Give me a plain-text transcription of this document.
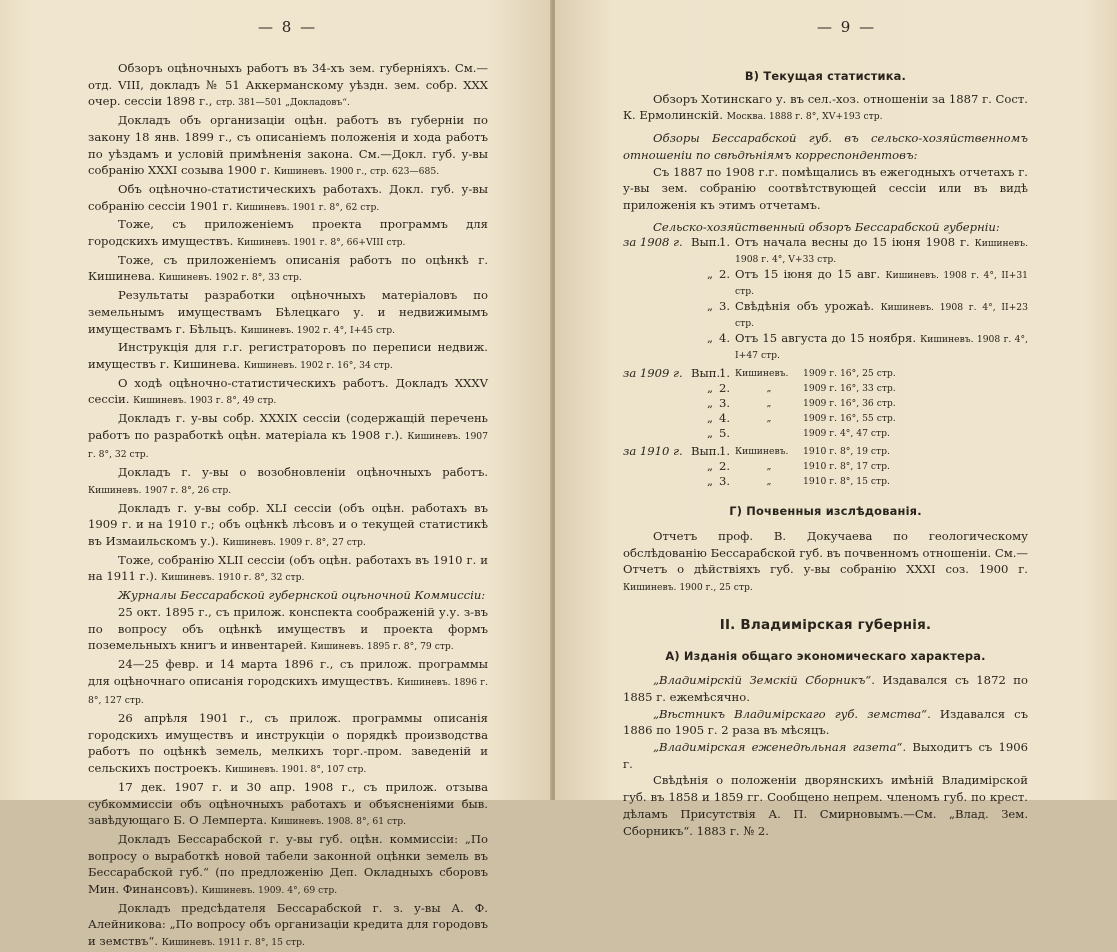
— 8 —

Обзоръ оцѣночныхъ работъ въ 34-хъ зем. губерніяхъ. См.—отд. VIII, докладъ № 51 Аккерманскому уѣздн. зем. собр. XXX очер. сессіи 1898 г., стр. 381—501 „Докладовъ“.

Докладъ объ организаціи оцѣн. работъ въ губерніи по закону 18 янв. 1899 г., съ описаніемъ положенія и хода работъ по уѣздамъ и условій примѣненія закона. См.—Докл. губ. у-вы собранію XXXI созыва 1900 г. Кишиневъ. 1900 г., стр. 623—685.

Объ оцѣночно-статистическихъ работахъ. Докл. губ. у-вы собранію сессіи 1901 г. Кишиневъ. 1901 г. 8°, 62 стр.

Тоже, съ приложеніемъ проекта программъ для городскихъ имуществъ. Кишиневъ. 1901 г. 8°, 66+VIII стр.

Тоже, съ приложеніемъ описанія работъ по оцѣнкѣ г. Кишинева. Кишиневъ. 1902 г. 8°, 33 стр.

Результаты разработки оцѣночныхъ матеріаловъ по земельнымъ имуществамъ Бѣлецкаго у. и недвижимымъ имуществамъ г. Бѣльцъ. Кишиневъ. 1902 г. 4°, I+45 стр.

Инструкція для г.г. регистраторовъ по переписи недвиж. имуществъ г. Кишинева. Кишиневъ. 1902 г. 16°, 34 стр.

О ходѣ оцѣночно-статистическихъ работъ. Докладъ XXXV сессіи. Кишиневъ. 1903 г. 8°, 49 стр.

Докладъ г. у-вы собр. XXXIX сессіи (содержащій перечень работъ по разработкѣ оцѣн. матеріала къ 1908 г.). Кишиневъ. 1907 г. 8°, 32 стр.

Докладъ г. у-вы о возобновленіи оцѣночныхъ работъ. Кишиневъ. 1907 г. 8°, 26 стр.

Докладъ г. у-вы собр. XLI сессіи (объ оцѣн. работахъ въ 1909 г. и на 1910 г.; объ оцѣнкѣ лѣсовъ и о текущей статистикѣ въ Измаильскомъ у.). Кишиневъ. 1909 г. 8°, 27 стр.

Тоже, собранію XLII сессіи (объ оцѣн. работахъ въ 1910 г. и на 1911 г.). Кишиневъ. 1910 г. 8°, 32 стр.

Журналы Бессарабской губернской оцѣночной Коммиссіи:

25 окт. 1895 г., съ прилож. конспекта соображеній у.у. з-въ по вопросу объ оцѣнкѣ имуществъ и проекта формъ поземельныхъ книгъ и инвентарей. Кишиневъ. 1895 г. 8°, 79 стр.

24—25 февр. и 14 марта 1896 г., съ прилож. программы для оцѣночнаго описанія городскихъ имуществъ. Кишиневъ. 1896 г. 8°, 127 стр.

26 апрѣля 1901 г., съ прилож. программы описанія городскихъ имуществъ и инструкціи о порядкѣ производства работъ по оцѣнкѣ земель, мелкихъ торг.-пром. заведеній и сельскихъ построекъ. Кишиневъ. 1901. 8°, 107 стр.

17 дек. 1907 г. и 30 апр. 1908 г., съ прилож. отзыва субкоммиссіи объ оцѣночныхъ работахъ и объясненіями быв. завѣдующаго Б. О Лемперта. Кишиневъ. 1908. 8°, 61 стр.

Докладъ Бессарабской г. у-вы губ. оцѣн. коммиссіи: „По вопросу о выработкѣ новой табели законной оцѣнки земель въ Бессарабской губ.“ (по предложенію Деп. Окладныхъ сборовъ Мин. Финансовъ). Кишиневъ. 1909. 4°, 69 стр.

Докладъ предсѣдателя Бессарабской г. з. у-вы А. Ф. Алейникова: „По вопросу объ организаціи кредита для городовъ и земствъ“. Кишиневъ. 1911 г. 8°, 15 стр.

— 9 —
В) Текущая статистика.

Обзоръ Хотинскаго у. въ сел.-хоз. отношеніи за 1887 г. Сост. К. Ермолинскій. Москва. 1888 г. 8°, XV+193 стр.

Обзоры Бессарабской губ. въ сельско-хозяйственномъ отношеніи по свѣдѣніямъ корреспондентовъ:

Съ 1887 по 1908 г.г. помѣщались въ ежегодныхъ отчетахъ г. у-вы зем. собранію соотвѣтствующей сессіи или въ видѣ приложенія къ этимъ отчетамъ.

Сельско-хозяйственный обзоръ Бессарабской губерніи:

за 1908 г. Вып.
1. Отъ начала весны до 15 іюня 1908 г. Кишиневъ. 1908 г. 4°, V+33 стр.
„ 2. Отъ 15 іюня до 15 авг. Кишиневъ. 1908 г. 4°, II+31 стр.
„ 3. Свѣдѣнія объ урожаѣ. Кишиневъ. 1908 г. 4°, II+23 стр.
„ 4. Отъ 15 августа до 15 ноября. Кишиневъ. 1908 г. 4°, I+47 стр.
за 1909 г. Вып.
1. Кишиневъ.	1909 г. 16°, 25 стр.
„ 2.	„	1909 г. 16°, 33 стр.
„ 3.	„	1909 г. 16°, 36 стр.
„ 4.	„	1909 г. 16°, 55 стр.
„ 5.	1909 г. 4°, 47 стр.
за 1910 г. Вып.
1. Кишиневъ.	1910 г. 8°, 19 стр.
„ 2.	„	1910 г. 8°, 17 стр.
„ 3.	„	1910 г. 8°, 15 стр.
Г) Почвенныя изслѣдованія.

Отчетъ проф. В. Докучаева по геологическому обслѣдованію Бессарабской губ. въ почвенномъ отношеніи. См.—Отчетъ о дѣйствіяхъ губ. у-вы собранію XXXI соз. 1900 г. Кишиневъ. 1900 г., 25 стр.

II. Владимірская губернія.
А) Изданія общаго экономическаго характера.

„Владимірскій Земскій Сборникъ“. Издавался съ 1872 по 1885 г. ежемѣсячно.

„Вѣстникъ Владимірскаго губ. земства“. Издавался съ 1886 по 1905 г. 2 раза въ мѣсяцъ.

„Владимірская еженедѣльная газета“. Выходитъ съ 1906 г.

Свѣдѣнія о положеніи дворянскихъ имѣній Владимірской губ. въ 1858 и 1859 гг. Сообщено непрем. членомъ губ. по крест. дѣламъ Присутствія А. П. Смирновымъ.—См. „Влад. Зем. Сборникъ“. 1883 г. № 2.
